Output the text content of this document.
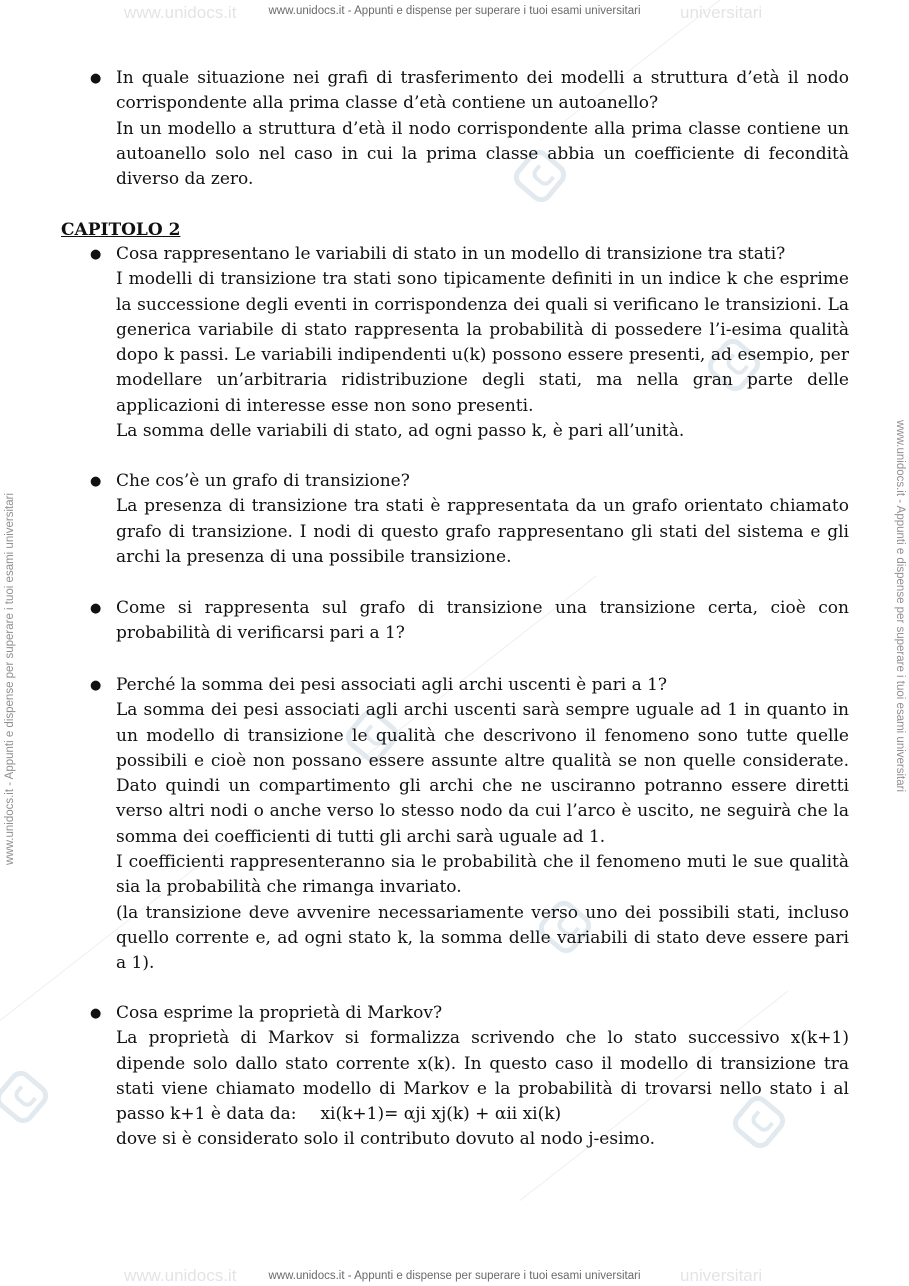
www.unidocs.it	universitari
www.unidocs.it	universitari
www.unidocs.it - Appunti e dispense per superare i tuoi esami universitari
www.unidocs.it - Appunti e dispense per superare i tuoi esami universitari
www.unidocs.it - Appunti e dispense per superare i tuoi esami universitari	www.unidocs.it - Appunti e dispense per superare i tuoi esami universitari
● In quale situazione nei grafi di trasferimento dei modelli a struttura d’età il nodo corrispondente alla prima classe d’età contiene un autoanello?

In un modello a struttura d’età il nodo corrispondente alla prima classe contiene un autoanello solo nel caso in cui la prima classe abbia un coefficiente di fecondità diverso da zero.

CAPITOLO 2
● Cosa rappresentano le variabili di stato in un modello di transizione tra stati?

I modelli di transizione tra stati sono tipicamente definiti in un indice k che esprime la successione degli eventi in corrispondenza dei quali si verificano le transizioni. La generica variabile di stato rappresenta la probabilità di possedere l’i-esima qualità dopo k passi. Le variabili indipendenti u(k) possono essere presenti, ad esempio, per modellare un’arbitraria ridistribuzione degli stati, ma nella gran parte delle applicazioni di interesse esse non sono presenti.

La somma delle variabili di stato, ad ogni passo k, è pari all’unità.

● Che cos’è un grafo di transizione?

La presenza di transizione tra stati è rappresentata da un grafo orientato chiamato grafo di transizione. I nodi di questo grafo rappresentano gli stati del sistema e gli archi la presenza di una possibile transizione.

● Come si rappresenta sul grafo di transizione una transizione certa, cioè con probabilità di verificarsi pari a 1?

● Perché la somma dei pesi associati agli archi uscenti è pari a 1?

La somma dei pesi associati agli archi uscenti sarà sempre uguale ad 1 in quanto in un modello di transizione le qualità che descrivono il fenomeno sono tutte quelle possibili e cioè non possano essere assunte altre qualità se non quelle considerate. Dato quindi un compartimento gli archi che ne usciranno potranno essere diretti verso altri nodi o anche verso lo stesso nodo da cui l’arco è uscito, ne seguirà che la somma dei coefficienti di tutti gli archi sarà uguale ad 1.

I coefficienti rappresenteranno sia le probabilità che il fenomeno muti le sue qualità sia la probabilità che rimanga invariato.

(la transizione deve avvenire necessariamente verso uno dei possibili stati, incluso quello corrente e, ad ogni stato k, la somma delle variabili di stato deve essere pari a 1).

● Cosa esprime la proprietà di Markov?

La proprietà di Markov si formalizza scrivendo che lo stato successivo x(k+1) dipende solo dallo stato corrente x(k). In questo caso il modello di transizione tra stati viene chiamato modello di Markov e la probabilità di trovarsi nello stato i al passo k+1 è data da: xi(k+1)= αji xj(k) + αii xi(k)

dove si è considerato solo il contributo dovuto al nodo j-esimo.
